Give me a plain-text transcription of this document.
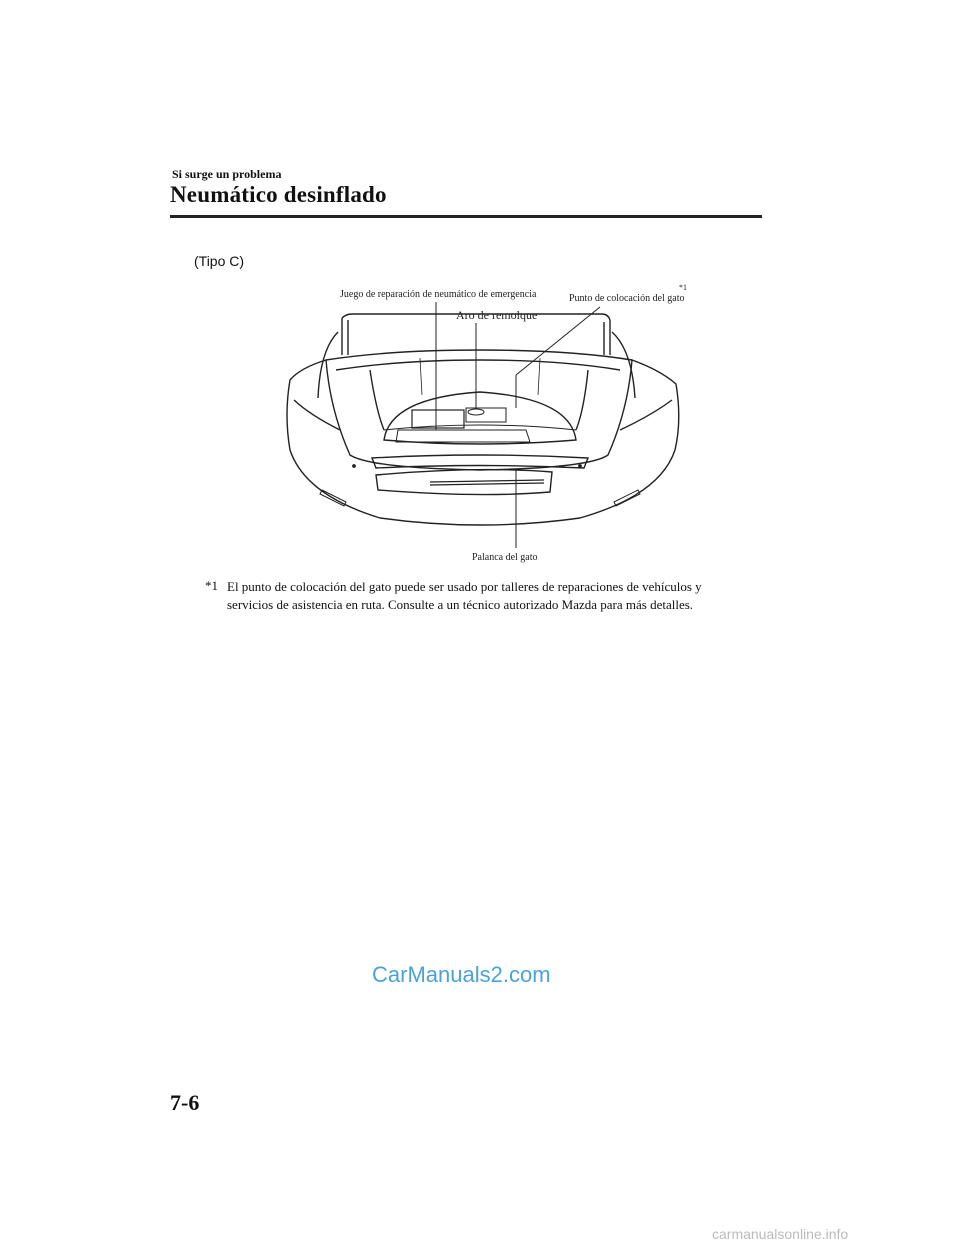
Si surge un problema
Neumático desinflado
(Tipo C)
Juego de reparación de neumático de emergencia	Punto de colocación del gato
*1
Aro de remolque
Palanca del gato
*1 El punto de colocación del gato puede ser usado por talleres de reparaciones de vehículos y servicios de asistencia en ruta. Consulte a un técnico autorizado Mazda para más detalles.
CarManuals2.com
7-6
carmanualsonline.info
